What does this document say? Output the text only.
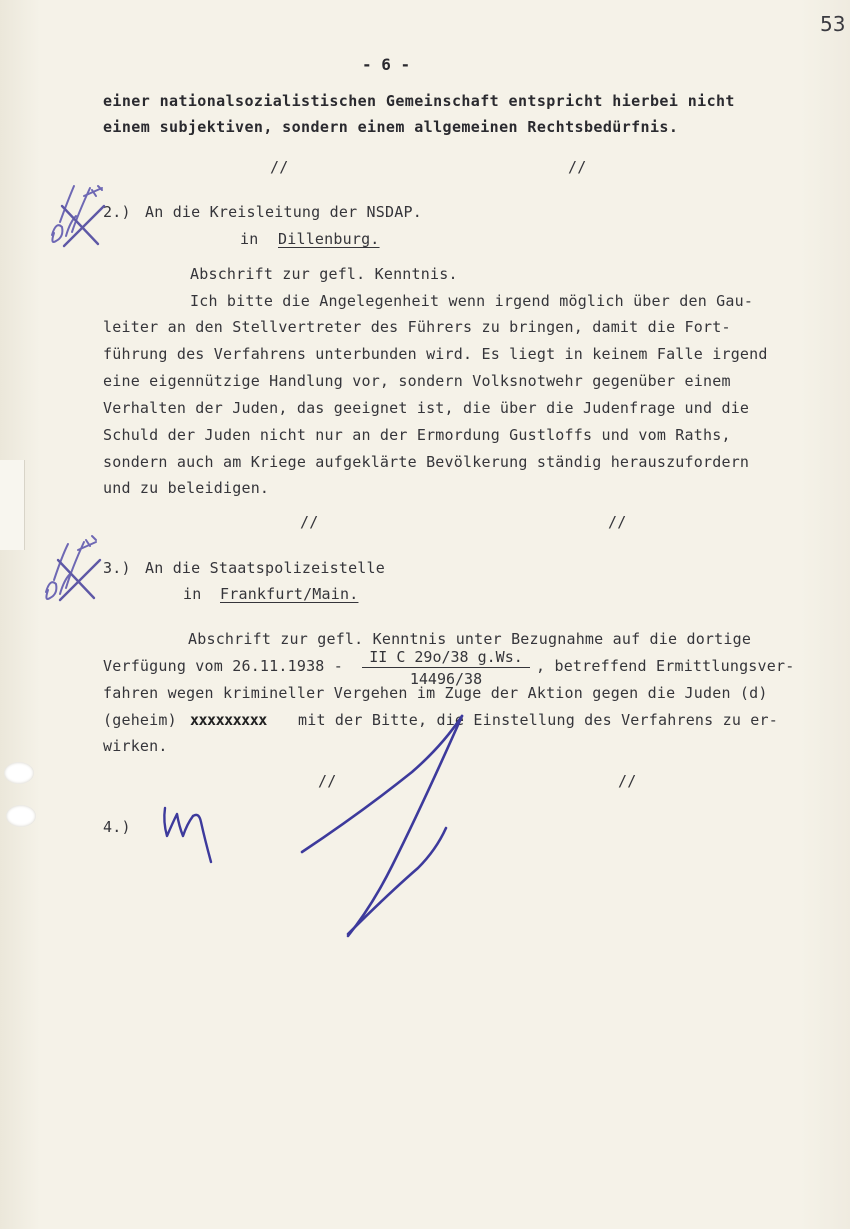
53
- 6 -
einer nationalsozialistischen Gemeinschaft entspricht hierbei nicht
einem subjektiven, sondern einem allgemeinen Rechtsbedürfnis.
//	//
2.) An die Kreisleitung der NSDAP.
in Dillenburg.
Abschrift zur gefl. Kenntnis.
Ich bitte die Angelegenheit wenn irgend möglich über den Gau-
leiter an den Stellvertreter des Führers zu bringen, damit die Fort-
führung des Verfahrens unterbunden wird. Es liegt in keinem Falle irgend
eine eigennützige Handlung vor, sondern Volksnotwehr gegenüber einem
Verhalten der Juden, das geeignet ist, die über die Judenfrage und die
Schuld der Juden nicht nur an der Ermordung Gustloffs und vom Raths,
sondern auch am Kriege aufgeklärte Bevölkerung ständig herauszufordern
und zu beleidigen.
//	//
3.) An die Staatspolizeistelle
in Frankfurt/Main.
Abschrift zur gefl. Kenntnis unter Bezugnahme auf die dortige
Verfügung vom 26.11.1938 -	II C 29o/38 g.Ws.
14496/38
, betreffend Ermittlungsver-
fahren wegen krimineller Vergehen im Zuge der Aktion gegen die Juden (d)
(geheim) xxxxxxxxx mit der Bitte, die Einstellung des Verfahrens zu er-
wirken.
//	//
4.)
